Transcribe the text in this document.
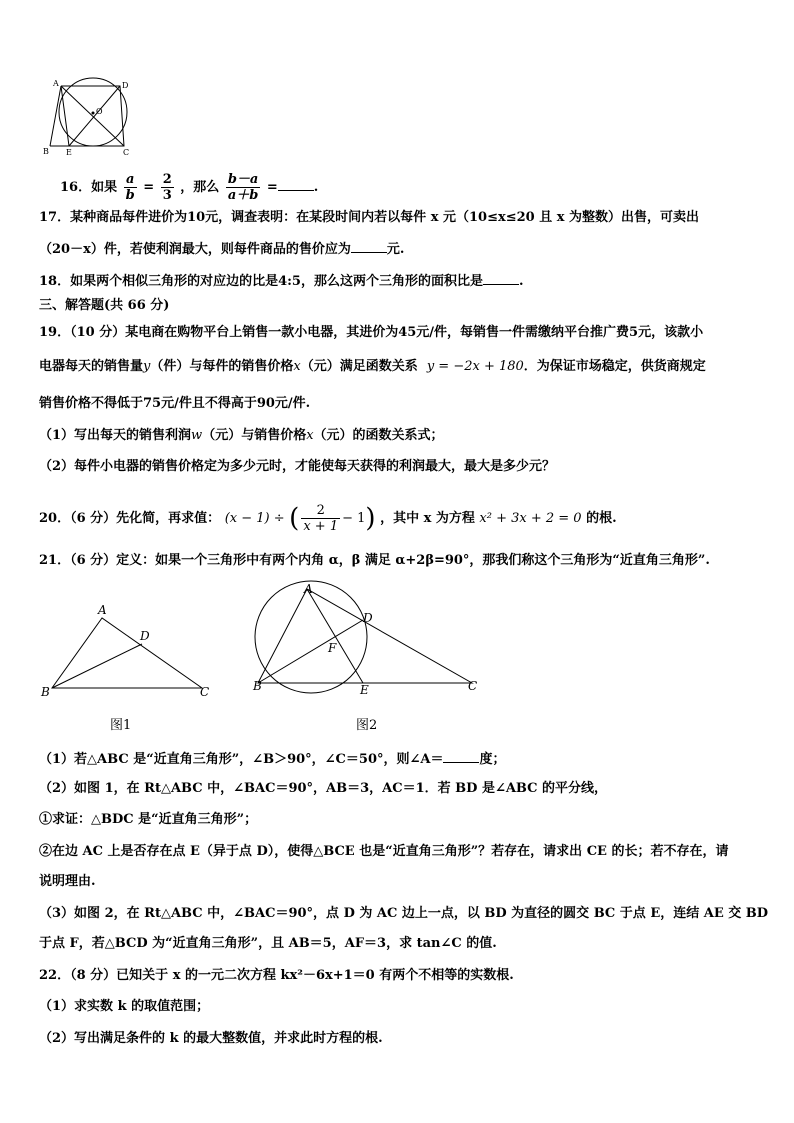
A	D
O
B E	C
16．如果 $\frac{a}{b} = \frac{2}{3}$ ，那么 $\frac{b-a}{a+b}$ =	.
17．某种商品每件进价为10元，调查表明：在某段时间内若以每件 x 元（10≤x≤20 且 x 为整数）出售，可卖出
（20－x）件，若使利润最大，则每件商品的售价应为	元.
18．如果两个相似三角形的对应边的比是4:5，那么这两个三角形的面积比是	.
三、解答题(共 66 分)
19．（10 分）某电商在购物平台上销售一款小电器，其进价为45元/件，每销售一件需缴纳平台推广费5元，该款小
电器每天的销售量y（件）与每件的销售价格x（元）满足函数关系 y = −2x + 180．为保证市场稳定，供货商规定
销售价格不得低于75元/件且不得高于90元/件.
（1）写出每天的销售利润w（元）与销售价格x（元）的函数关系式；
（2）每件小电器的销售价格定为多少元时，才能使每天获得的利润最大，最大是多少元？
20．（6 分）先化简，再求值： (x − 1) ÷ ( $\frac{2}{x + 1} - 1$) ，其中 x 为方程 x² + 3x + 2 = 0 的根.
21．（6 分）定义：如果一个三角形中有两个内角 α，β 满足 α+2β=90°，那我们称这个三角形为“近直角三角形”.
A
D
B	C
图1
A
D
F
B	E	C
图2
（1）若△ABC 是“近直角三角形”，∠B＞90°，∠C＝50°，则∠A＝	度；
（2）如图 1，在 Rt△ABC 中，∠BAC＝90°，AB＝3，AC＝1．若 BD 是∠ABC 的平分线，
①求证：△BDC 是“近直角三角形”；
②在边 AC 上是否存在点 E（异于点 D），使得△BCE 也是“近直角三角形”？若存在，请求出 CE 的长；若不存在，请
说明理由.
（3）如图 2，在 Rt△ABC 中，∠BAC＝90°，点 D 为 AC 边上一点，以 BD 为直径的圆交 BC 于点 E，连结 AE 交 BD
于点 F，若△BCD 为“近直角三角形”，且 AB＝5，AF＝3，求 tan∠C 的值.
22．（8 分）已知关于 x 的一元二次方程 kx²－6x+1＝0 有两个不相等的实数根.
（1）求实数 k 的取值范围；
（2）写出满足条件的 k 的最大整数值，并求此时方程的根.
